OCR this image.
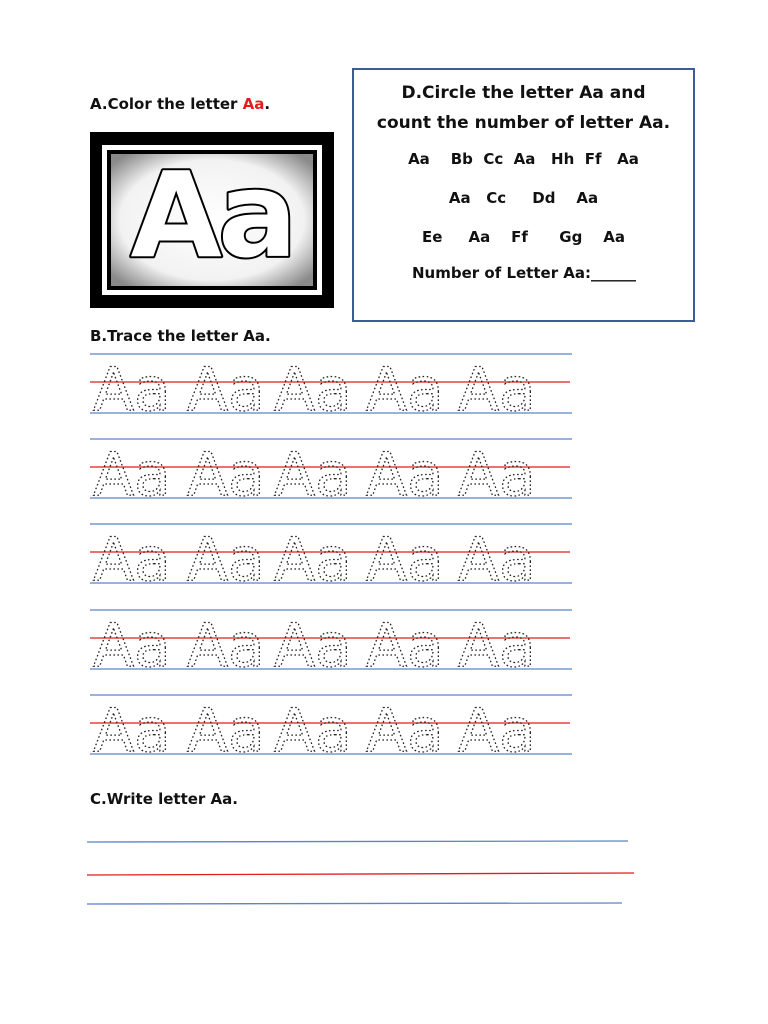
A.Color the letter Aa.
Aa
D.Circle the letter Aa and
count the number of letter Aa.
Aa    Bb  Cc  Aa   Hh  Ff   Aa
Aa   Cc     Dd    Aa
Ee     Aa    Ff      Gg    Aa
Number of Letter Aa:______
B.Trace the letter Aa.
Aa Aa Aa Aa Aa
Aa Aa Aa Aa Aa
Aa Aa Aa Aa Aa
Aa Aa Aa Aa Aa
Aa Aa Aa Aa Aa
C.Write letter Aa.
